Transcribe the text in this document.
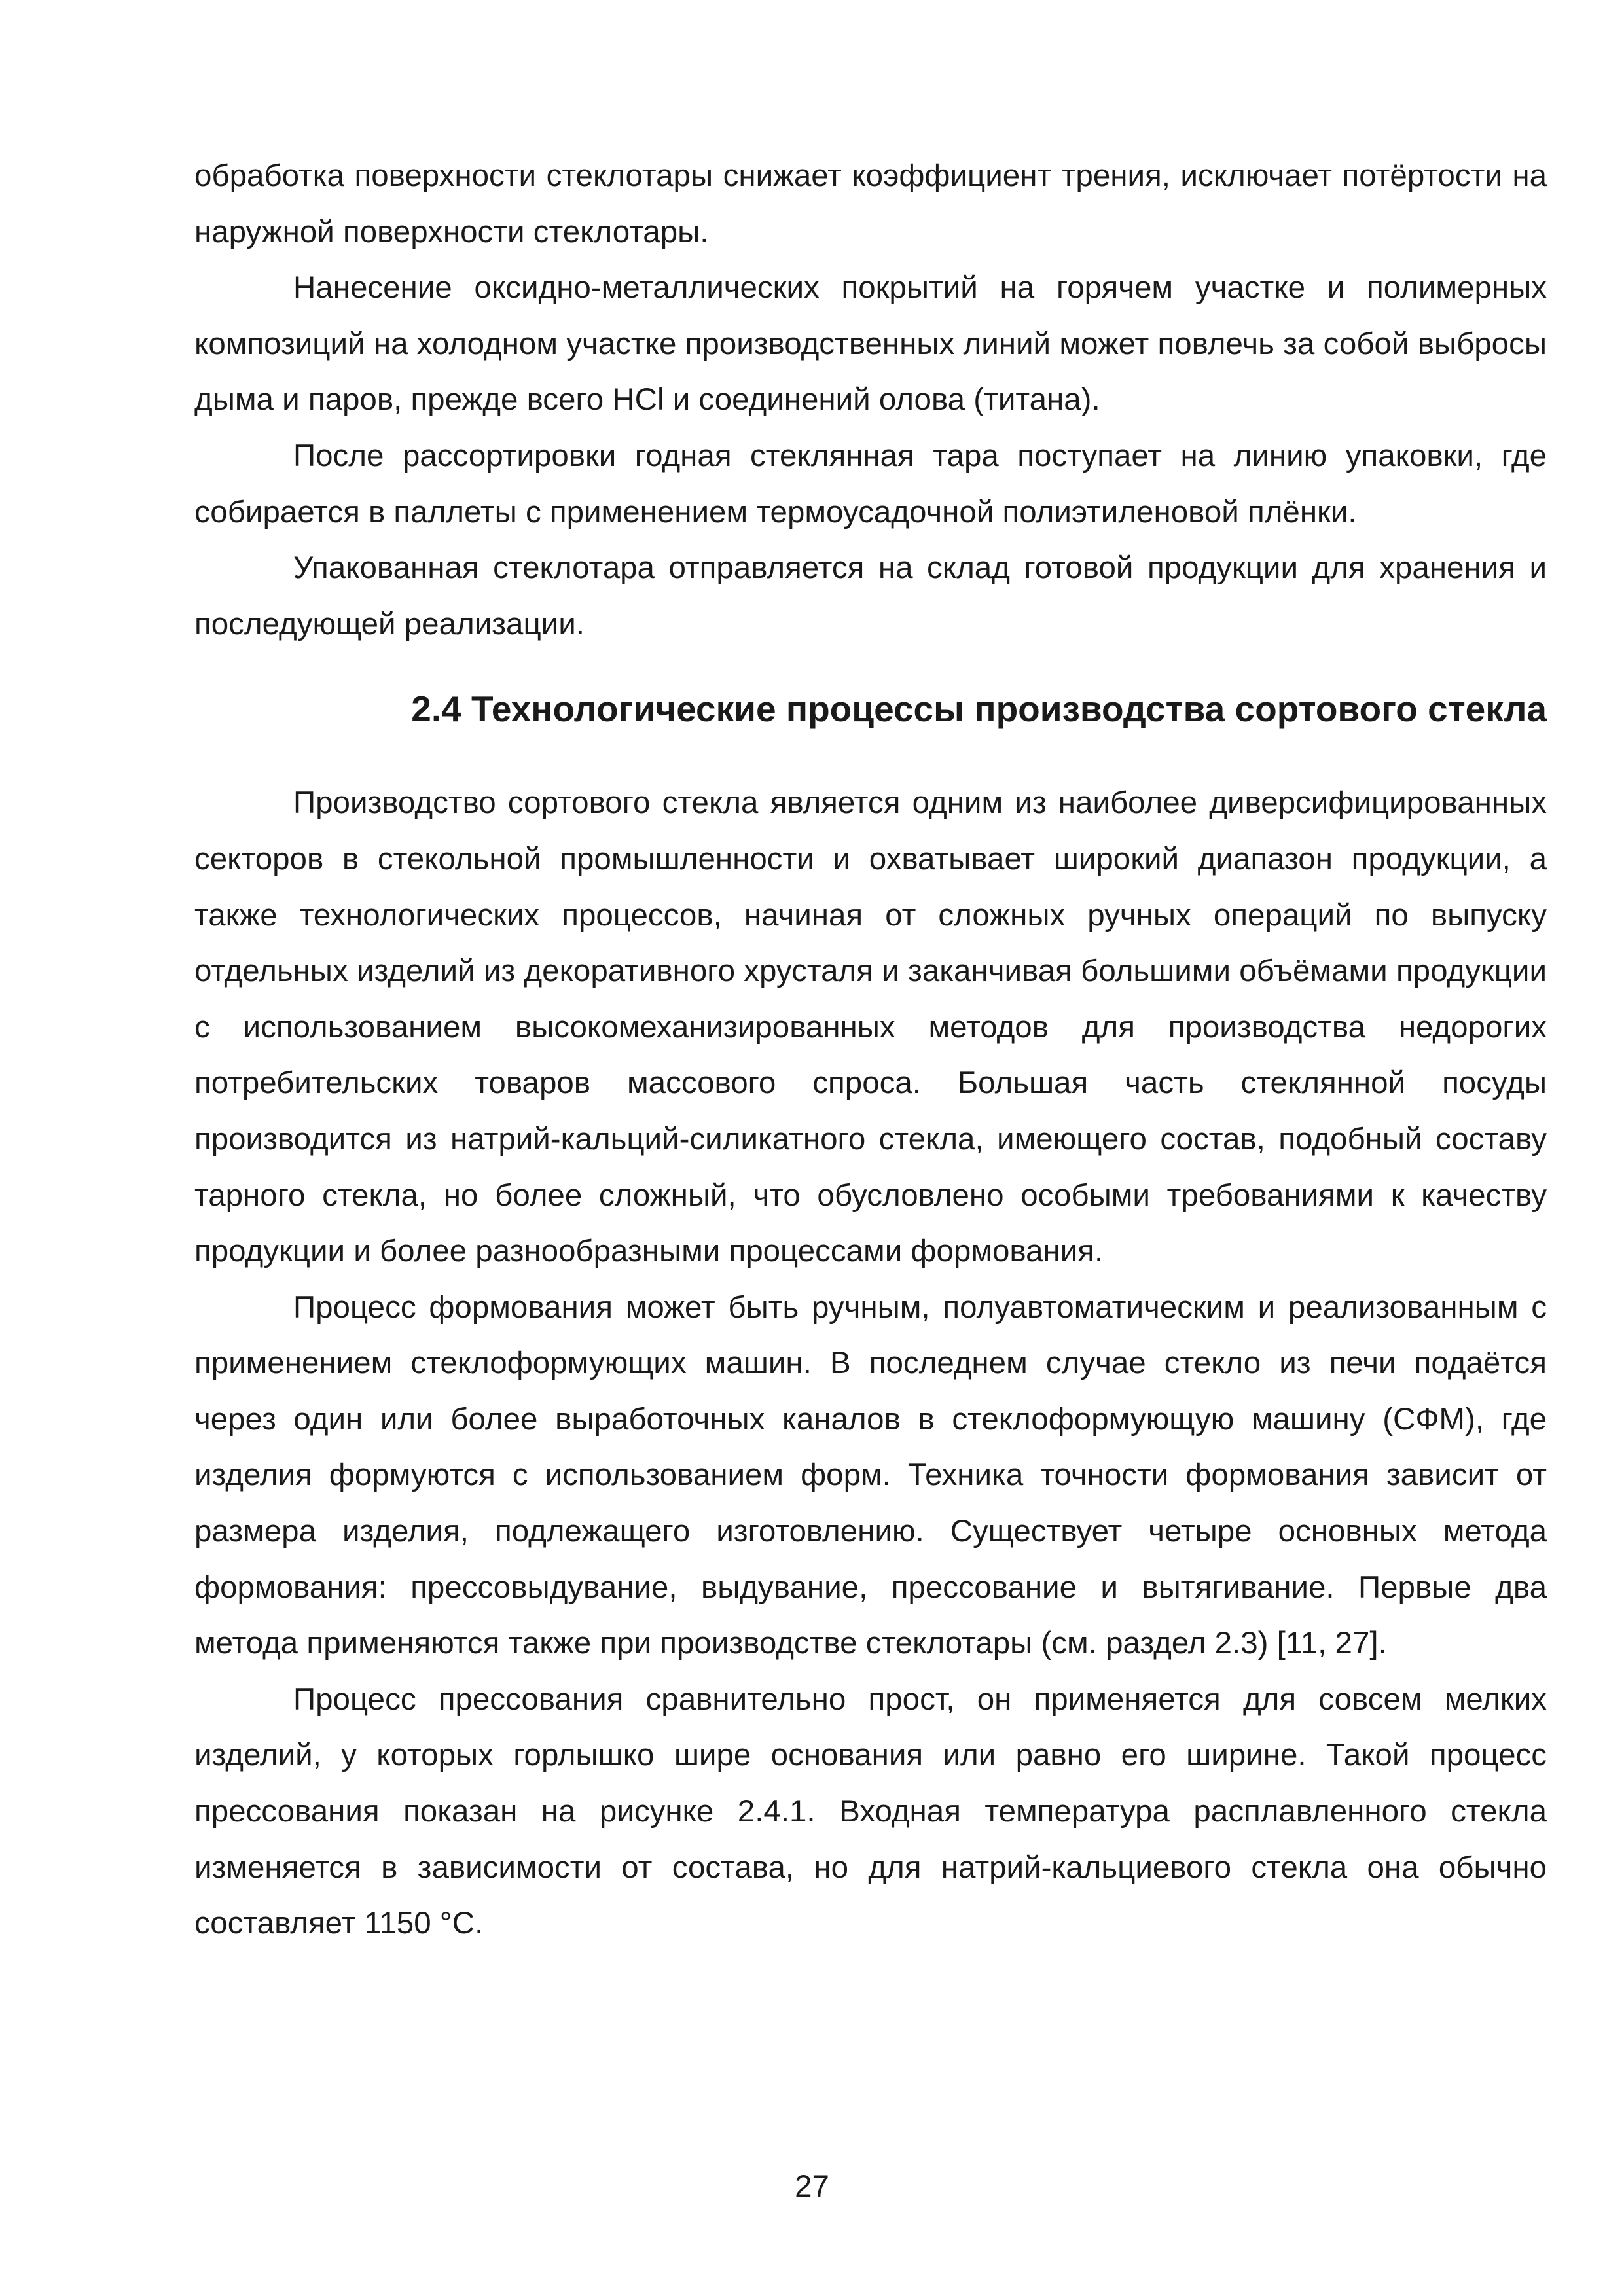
обработка поверхности стеклотары снижает коэффициент трения, исключает потёртости на наружной поверхности стеклотары.

Нанесение оксидно-металлических покрытий на горячем участке и полимерных композиций на холодном участке производственных линий может повлечь за собой выбросы дыма и паров, прежде всего HCl и соединений олова (титана).

После рассортировки годная стеклянная тара поступает на линию упаковки, где собирается в паллеты с применением термоусадочной полиэтиленовой плёнки.

Упакованная стеклотара отправляется на склад готовой продукции для хранения и последующей реализации.

2.4 Технологические процессы производства сортового стекла

Производство сортового стекла является одним из наиболее диверсифицированных секторов в стекольной промышленности и охватывает широкий диапазон продукции, а также технологических процессов, начиная от сложных ручных операций по выпуску отдельных изделий из декоративного хрусталя и заканчивая большими объёмами продукции с использованием высокомеханизированных методов для производства недорогих потребительских товаров массового спроса. Большая часть стеклянной посуды производится из натрий-кальций-силикатного стекла, имеющего состав, подобный составу тарного стекла, но более сложный, что обусловлено особыми требованиями к качеству продукции и более разнообразными процессами формования.

Процесс формования может быть ручным, полуавтоматическим и реализованным с применением стеклоформующих машин. В последнем случае стекло из печи подаётся через один или более выработочных каналов в стеклоформующую машину (СФМ), где изделия формуются с использованием форм. Техника точности формования зависит от размера изделия, подлежащего изготовлению. Существует четыре основных метода формования: прессовыдувание, выдувание, прессование и вытягивание. Первые два метода применяются также при производстве стеклотары (см. раздел 2.3) [11, 27].

Процесс прессования сравнительно прост, он применяется для совсем мелких изделий, у которых горлышко шире основания или равно его ширине. Такой процесс прессования показан на рисунке 2.4.1. Входная температура расплавленного стекла изменяется в зависимости от состава, но для натрий-кальциевого стекла она обычно составляет 1150 °C.

27
